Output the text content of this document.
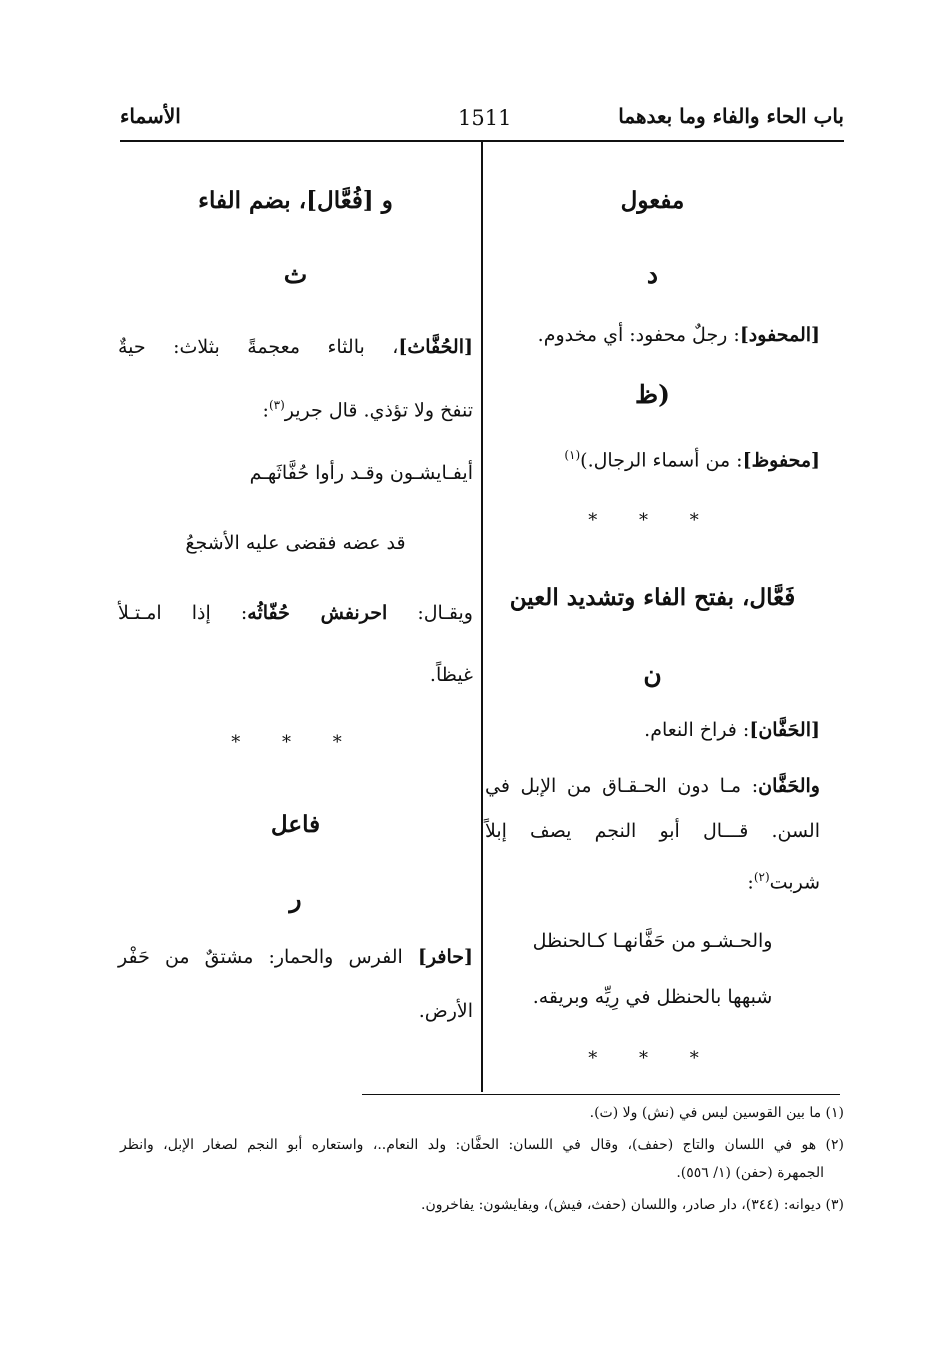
باب الحاء والفاء وما بعدهما
1511
الأسماء
مفعول
د
[المحفود]: رجلٌ محفود: أي مخدوم.
(ظ
[محفوظ]: من أسماء الرجال.)$^{(١)}$
* * *
فَعَّال، بفتح الفاء وتشديد العين
ن
[الحَفَّان]: فراخ النعام.
والحَفَّان: مـا دون الحـقـاق من الإبل في
السن. قـــال أبو النجم يصف إبلاً
شربت$^{(٢)}$:
والحـشـو من حَفَّانهـا كـالحنظل
شبهها بالحنظل في رِيِّه وبريقه.
* * *
و [فُعَّال]، بضم الفاء
ث
[الحُفَّاث]، بالثاء معجمةً بثلاث: حيةٌ
تنفخ ولا تؤذي. قال جرير$^{(٣)}$:
أيفـايشـون وقـد رأوا حُفَّاثَهـم
قد عضه فقضى عليه الأشجعُ
ويقـال: احرنفش حُفّاثُه: إذا امـتـلأ
غيظاً.
* * *
فاعل
ر
[حافر] الفرس والحمار: مشتقٌ من حَفْر
الأرض.
(١) ما بين القوسين ليس في (نش) ولا (ت).
(٢) هو في اللسان والتاج (حفف)، وقال في اللسان: الحفَّان: ولد النعام..، واستعاره أبو النجم لصغار الإبل، وانظر
الجمهرة (حفن) (١/ ٥٥٦).
(٣) ديوانه: (٣٤٤)، دار صادر، واللسان (حفث، فيش)، ويفايشون: يفاخرون.
